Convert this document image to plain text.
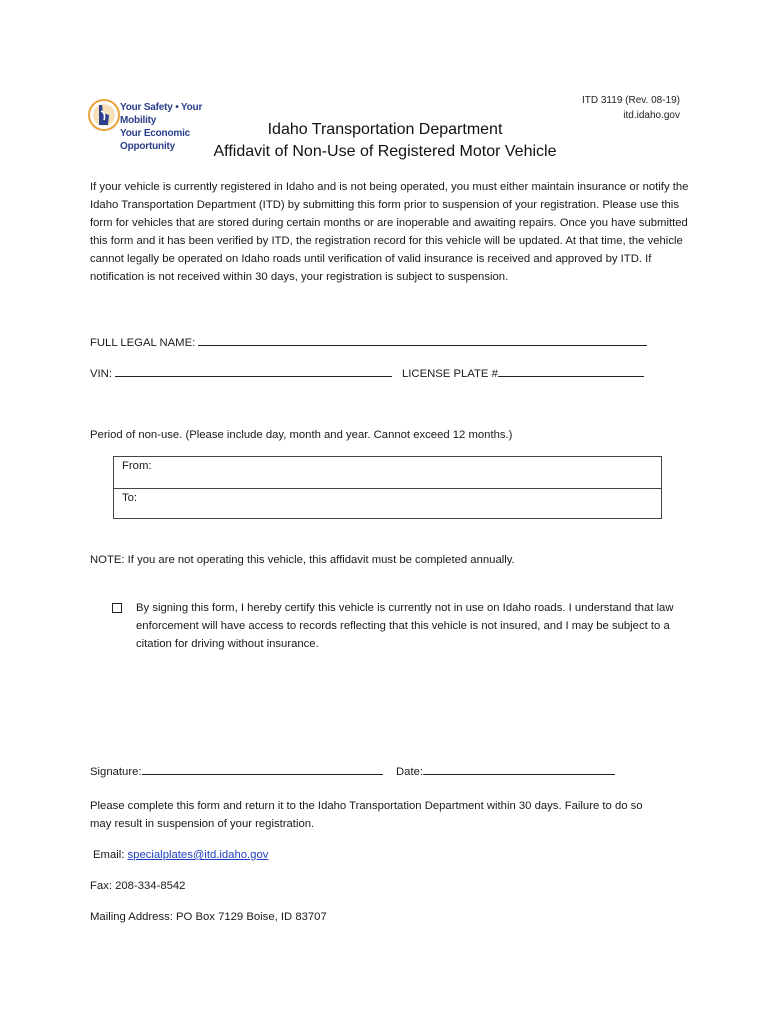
ITD 3119 (Rev. 08-19)
itd.idaho.gov
Your Safety • Your Mobility
Your Economic Opportunity
Idaho Transportation Department
Affidavit of Non-Use of Registered Motor Vehicle
If your vehicle is currently registered in Idaho and is not being operated, you must either maintain insurance or notify the Idaho Transportation Department (ITD) by submitting this form prior to suspension of your registration. Please use this form for vehicles that are stored during certain months or are inoperable and awaiting repairs. Once you have submitted this form and it has been verified by ITD, the registration record for this vehicle will be updated. At that time, the vehicle cannot legally be operated on Idaho roads until verification of valid insurance is received and approved by ITD. If notification is not received within 30 days, your registration is subject to suspension.
FULL LEGAL NAME:
VIN:	LICENSE PLATE #
Period of non-use. (Please include day, month and year. Cannot exceed 12 months.)
From:
To:
NOTE: If you are not operating this vehicle, this affidavit must be completed annually.
By signing this form, I hereby certify this vehicle is currently not in use on Idaho roads. I understand that law enforcement will have access to records reflecting that this vehicle is not insured, and I may be subject to a citation for driving without insurance.
Signature:	Date:
Please complete this form and return it to the Idaho Transportation Department within 30 days. Failure to do so may result in suspension of your registration.
Email: specialplates@itd.idaho.gov
Fax: 208-334-8542
Mailing Address: PO Box 7129 Boise, ID 83707
